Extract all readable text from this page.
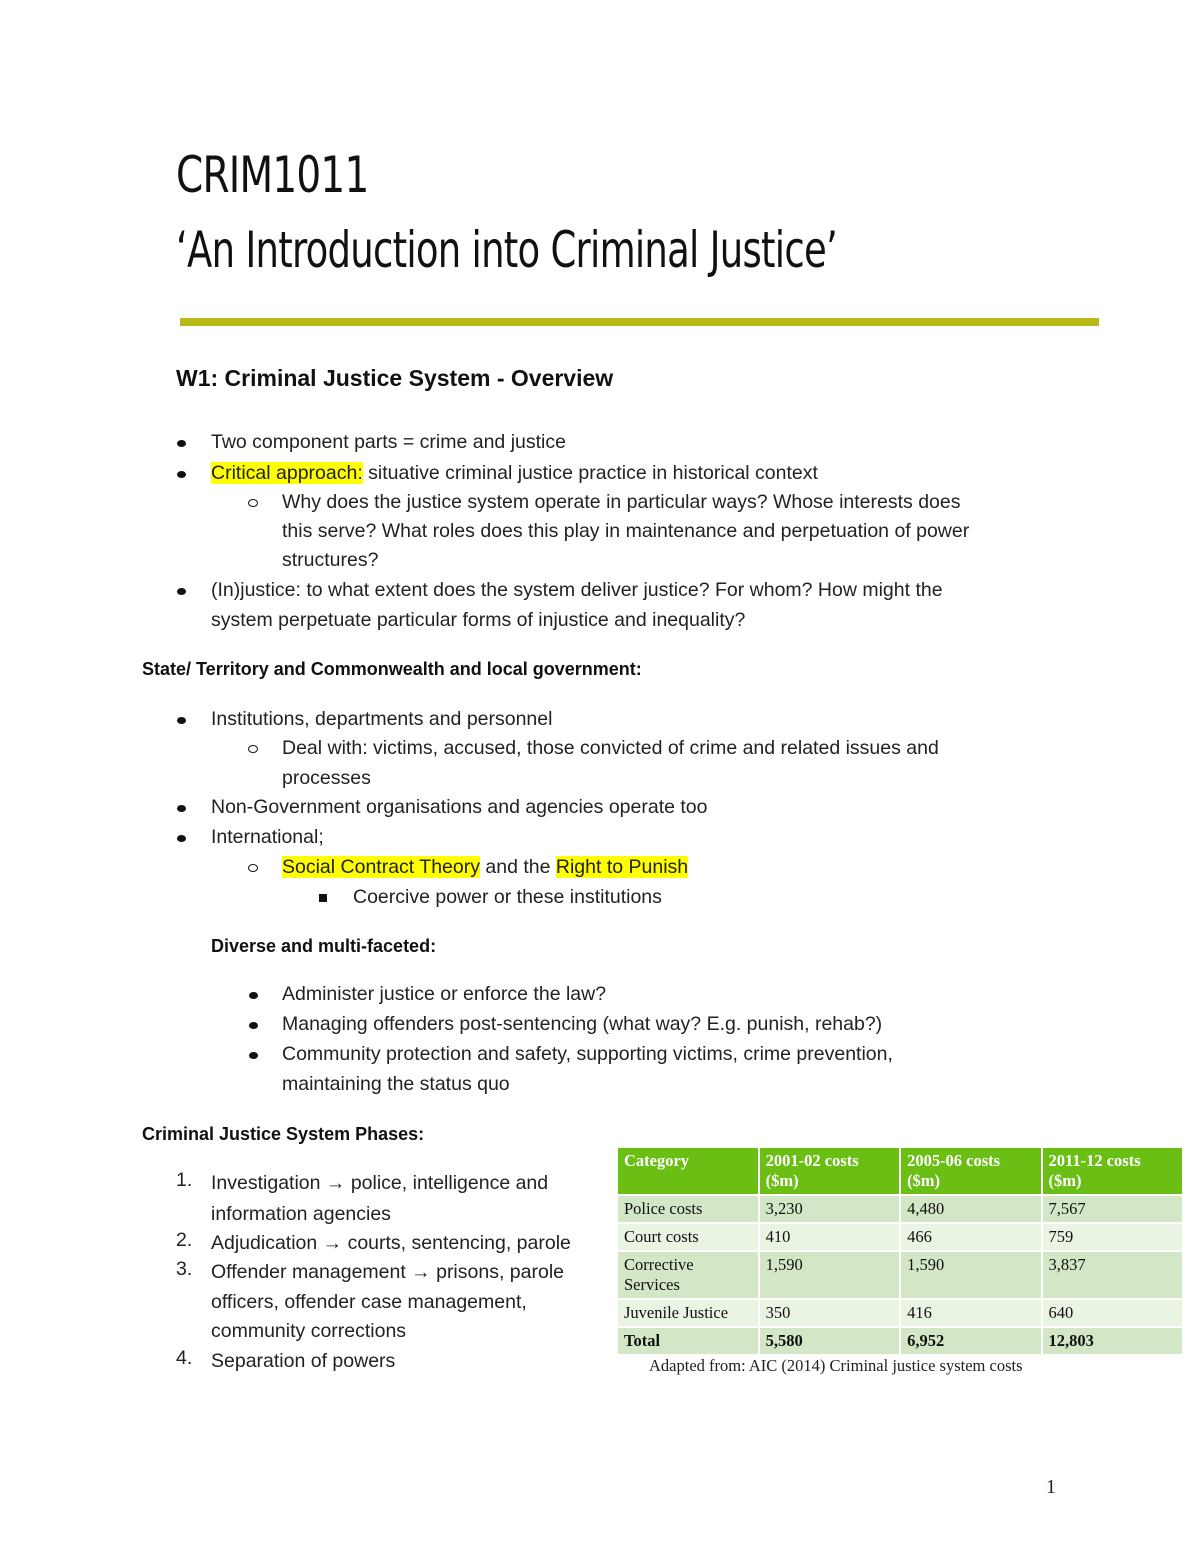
CRIM1011
‘An Introduction into Criminal Justice’
W1: Criminal Justice System - Overview
Two component parts = crime and justice
Critical approach: situative criminal justice practice in historical context
Why does the justice system operate in particular ways? Whose interests does
this serve? What roles does this play in maintenance and perpetuation of power
structures?
(In)justice: to what extent does the system deliver justice? For whom? How might the
system perpetuate particular forms of injustice and inequality?
State/ Territory and Commonwealth and local government:
Institutions, departments and personnel
Deal with: victims, accused, those convicted of crime and related issues and
processes
Non-Government organisations and agencies operate too
International;
Social Contract Theory and the Right to Punish
Coercive power or these institutions
Diverse and multi-faceted:
Administer justice or enforce the law?
Managing offenders post-sentencing (what way? E.g. punish, rehab?)
Community protection and safety, supporting victims, crime prevention,
maintaining the status quo
Criminal Justice System Phases:
1. Investigation → police, intelligence and
information agencies
2. Adjudication → courts, sentencing, parole
3. Offender management → prisons, parole
officers, offender case management,
community corrections
4. Separation of powers
Category	2001-02 costs ($m)	2005-06 costs ($m)	2011-12 costs ($m)
Police costs	3,230	4,480	7,567
Court costs	410	466	759
Corrective Services	1,590	1,590	3,837
Juvenile Justice	350	416	640
Total	5,580	6,952	12,803
Adapted from: AIC (2014) Criminal justice system costs
1
